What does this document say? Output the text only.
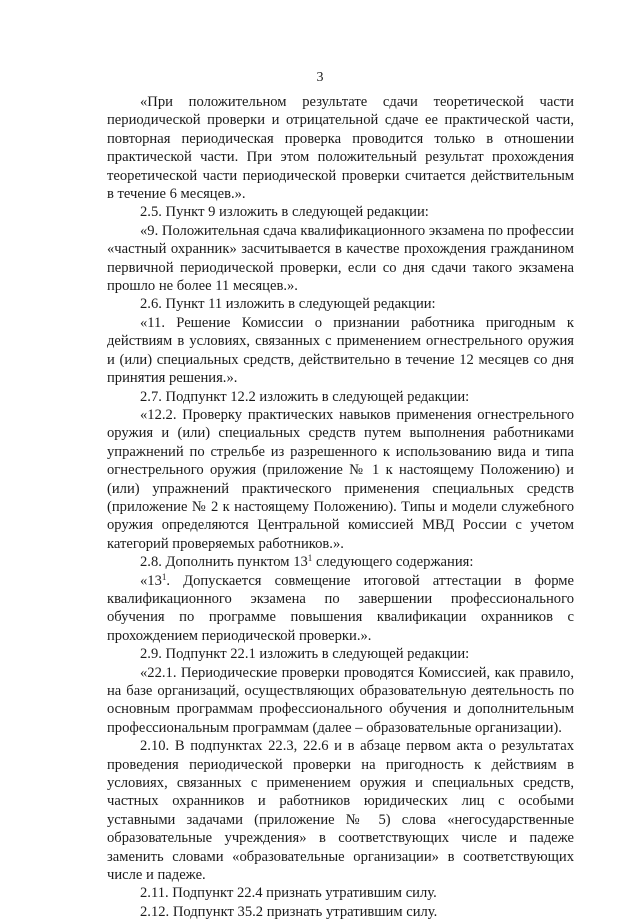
3

«При положительном результате сдачи теоретической части периодической проверки и отрицательной сдаче ее практической части, повторная периодическая проверка проводится только в отношении практической части. При этом положительный результат прохождения теоретической части периодической проверки считается действительным в течение 6 месяцев.».

2.5. Пункт 9 изложить в следующей редакции:

«9. Положительная сдача квалификационного экзамена по профессии «частный охранник» засчитывается в качестве прохождения гражданином первичной периодической проверки, если со дня сдачи такого экзамена прошло не более 11 месяцев.».

2.6. Пункт 11 изложить в следующей редакции:

«11. Решение Комиссии о признании работника пригодным к действиям в условиях, связанных с применением огнестрельного оружия и (или) специальных средств, действительно в течение 12 месяцев со дня принятия решения.».

2.7. Подпункт 12.2 изложить в следующей редакции:

«12.2. Проверку практических навыков применения огнестрельного оружия и (или) специальных средств путем выполнения работниками упражнений по стрельбе из разрешенного к использованию вида и типа огнестрельного оружия (приложение № 1 к настоящему Положению) и (или) упражнений практического применения специальных средств (приложение № 2 к настоящему Положению). Типы и модели служебного оружия определяются Центральной комиссией МВД России с учетом категорий проверяемых работников.».

2.8. Дополнить пунктом $13^1$ следующего содержания:

«$13^1$. Допускается совмещение итоговой аттестации в форме квалификационного экзамена по завершении профессионального обучения по программе повышения квалификации охранников с прохождением периодической проверки.».

2.9. Подпункт 22.1 изложить в следующей редакции:

«22.1. Периодические проверки проводятся Комиссией, как правило, на базе организаций, осуществляющих образовательную деятельность по основным программам профессионального обучения и дополнительным профессиональным программам (далее – образовательные организации).

2.10. В подпунктах 22.3, 22.6 и в абзаце первом акта о результатах проведения периодической проверки на пригодность к действиям в условиях, связанных с применением оружия и специальных средств, частных охранников и работников юридических лиц с особыми уставными задачами (приложение № 5) слова «негосударственные образовательные учреждения» в соответствующих числе и падеже заменить словами «образовательные организации» в соответствующих числе и падеже.

2.11. Подпункт 22.4 признать утратившим силу.

2.12. Подпункт 35.2 признать утратившим силу.
